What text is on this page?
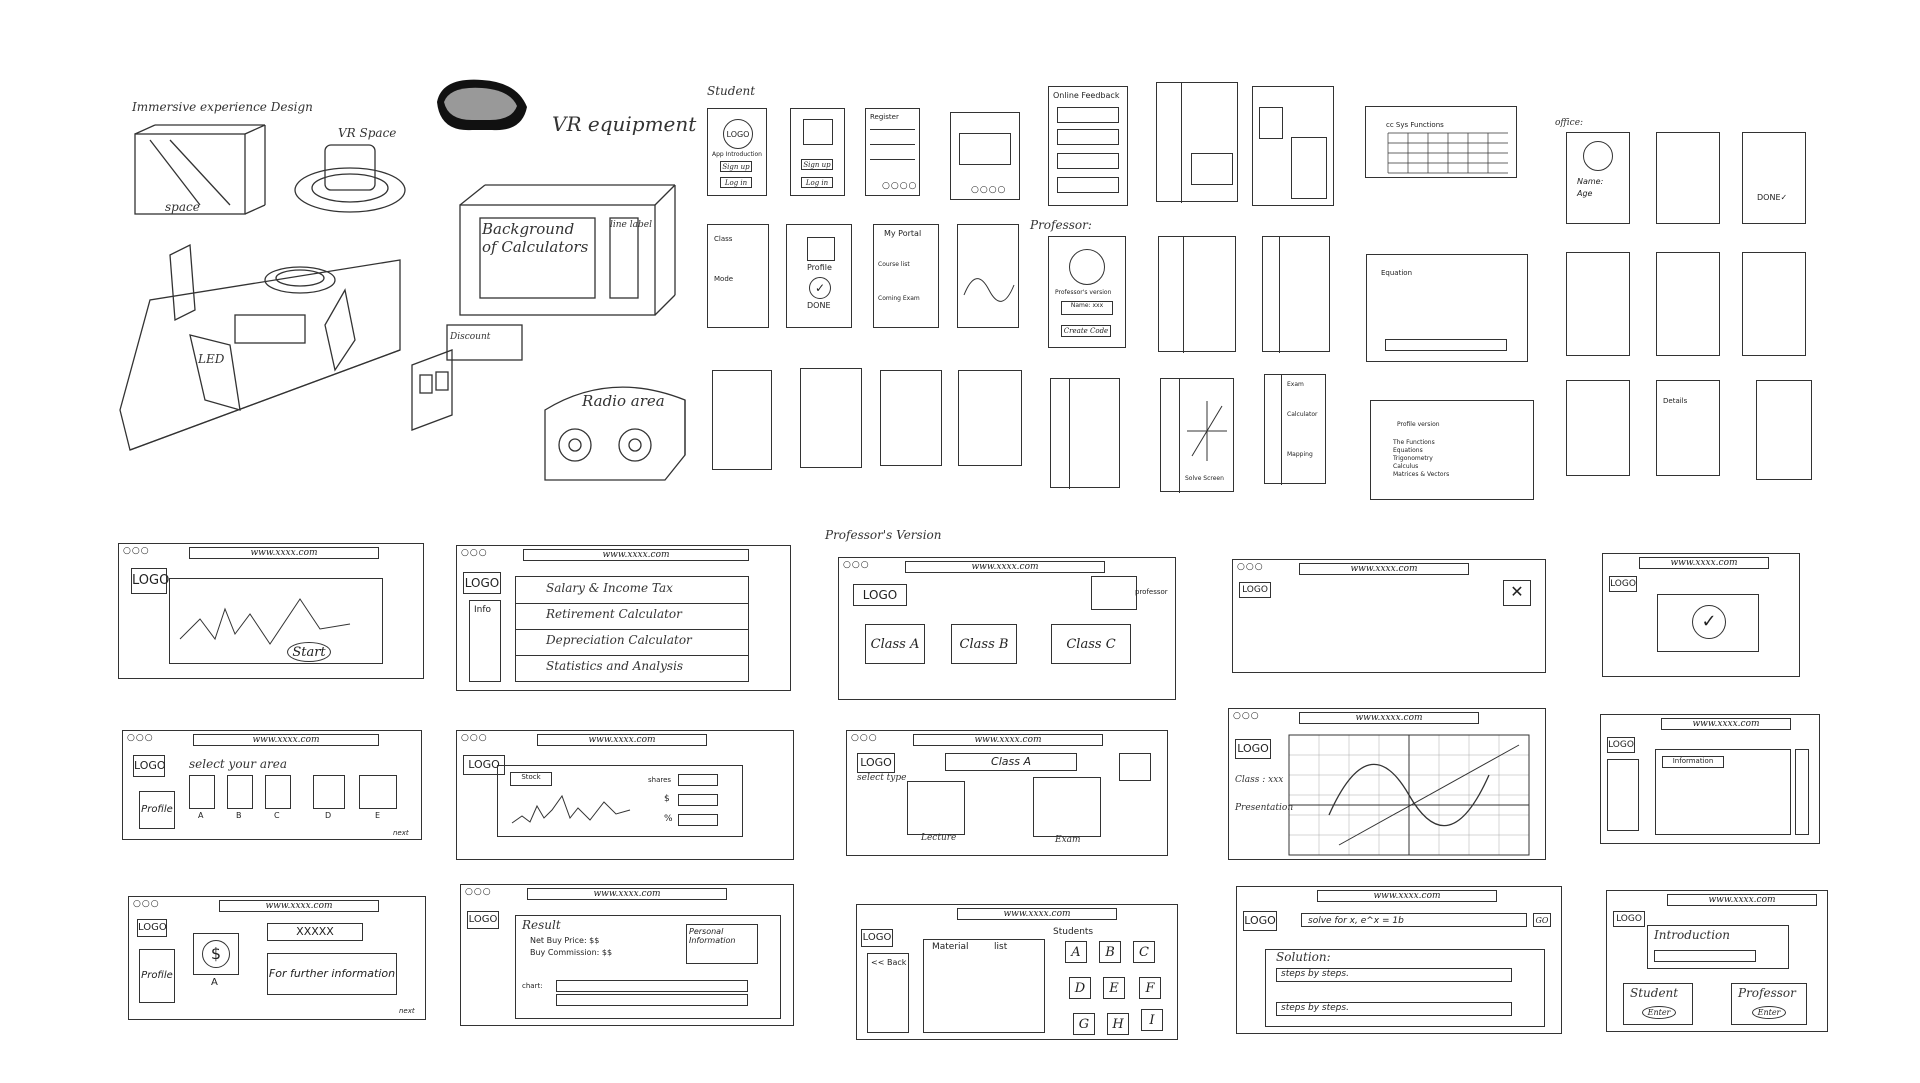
Immersive experience Design
VR Space
space
LED
VR equipment
Background of Calculators
line label
Discount
Radio area
Student
Professor:
office:
Professor's Version
LOGO
App Introduction
Sign up
Log in
Sign up
Log in
Register
○○○○	○○○○
Online Feedback
cc Sys Functions
Name:
Age	DONE✓
Class
Mode
Profile
✓
DONE
My Portal
Course list
Coming Exam
Professor's version
Name: xxx
Create Code
Equation
Solve Screen
Exam
Calculator
Mapping
Profile version
The Functions
Equations
Trigonometry
Calculus
Matrices & Vectors
Details
○○○	www.xxxx.com
LOGO
Start
○○○	www.xxxx.com
LOGO
Info
Salary & Income Tax
Retirement Calculator
Depreciation Calculator
Statistics and Analysis
○○○	www.xxxx.com
LOGO	professor
Class A	Class B	Class C
○○○	www.xxxx.com
LOGO	✕
www.xxxx.com
LOGO
✓
○○○	www.xxxx.com
LOGO select your area
Profile
A	B	C	D	E
next
○○○	www.xxxx.com
LOGO
Stock	shares
$
%
○○○	www.xxxx.com
LOGO
select type
Class A
Lecture	Exam
○○○	www.xxxx.com
LOGO
Class : xxx
Presentation
www.xxxx.com
LOGO
Information
○○○	www.xxxx.com
LOGO
Profile
$
A
XXXXX
For further information
next
○○○	www.xxxx.com
LOGO Result
Net Buy Price: $$
Buy Commission: $$
Personal Information
chart:
www.xxxx.com
LOGO
<< Back
Material	list
Students
A	B	C
D	E	F
G	H	I
www.xxxx.com
LOGO	solve for x, e^x = 1b	GO
Solution:
steps by steps.
steps by steps.
www.xxxx.com
LOGO
Introduction
Student
Enter
Professor
Enter
